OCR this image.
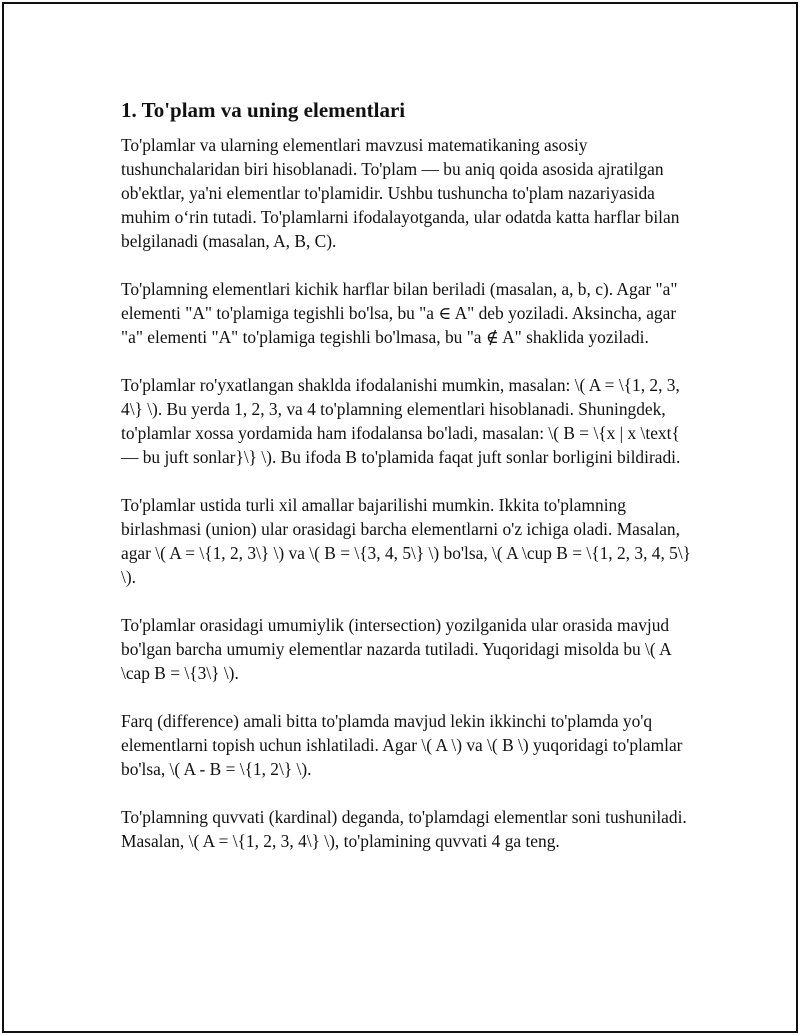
1. To'plam va uning elementlari

To'plamlar va ularning elementlari mavzusi matematikaning asosiy tushunchalaridan biri hisoblanadi. To'plam — bu aniq qoida asosida ajratilgan ob'ektlar, ya'ni elementlar to'plamidir. Ushbu tushuncha to'plam nazariyasida muhim o‘rin tutadi. To'plamlarni ifodalayotganda, ular odatda katta harflar bilan belgilanadi (masalan, A, B, C).

To'plamning elementlari kichik harflar bilan beriladi (masalan, a, b, c). Agar "a" elementi "A" to'plamiga tegishli bo'lsa, bu "a ∈ A" deb yoziladi. Aksincha, agar "a" elementi "A" to'plamiga tegishli bo'lmasa, bu "a ∉ A" shaklida yoziladi.

To'plamlar ro'yxatlangan shaklda ifodalanishi mumkin, masalan: \( A = \{1, 2, 3, 4\} \). Bu yerda 1, 2, 3, va 4 to'plamning elementlari hisoblanadi. Shuningdek, to'plamlar xossa yordamida ham ifodalansa bo'ladi, masalan: \( B = \{x | x \text{ — bu juft sonlar}\} \). Bu ifoda B to'plamida faqat juft sonlar borligini bildiradi.

To'plamlar ustida turli xil amallar bajarilishi mumkin. Ikkita to'plamning birlashmasi (union) ular orasidagi barcha elementlarni o'z ichiga oladi. Masalan, agar \( A = \{1, 2, 3\} \) va \( B = \{3, 4, 5\} \) bo'lsa, \( A \cup B = \{1, 2, 3, 4, 5\} \).

To'plamlar orasidagi umumiylik (intersection) yozilganida ular orasida mavjud bo'lgan barcha umumiy elementlar nazarda tutiladi. Yuqoridagi misolda bu \( A \cap B = \{3\} \).

Farq (difference) amali bitta to'plamda mavjud lekin ikkinchi to'plamda yo'q elementlarni topish uchun ishlatiladi. Agar \( A \) va \( B \) yuqoridagi to'plamlar bo'lsa, \( A - B = \{1, 2\} \).

To'plamning quvvati (kardinal) deganda, to'plamdagi elementlar soni tushuniladi. Masalan, \( A = \{1, 2, 3, 4\} \), to'plamining quvvati 4 ga teng.
